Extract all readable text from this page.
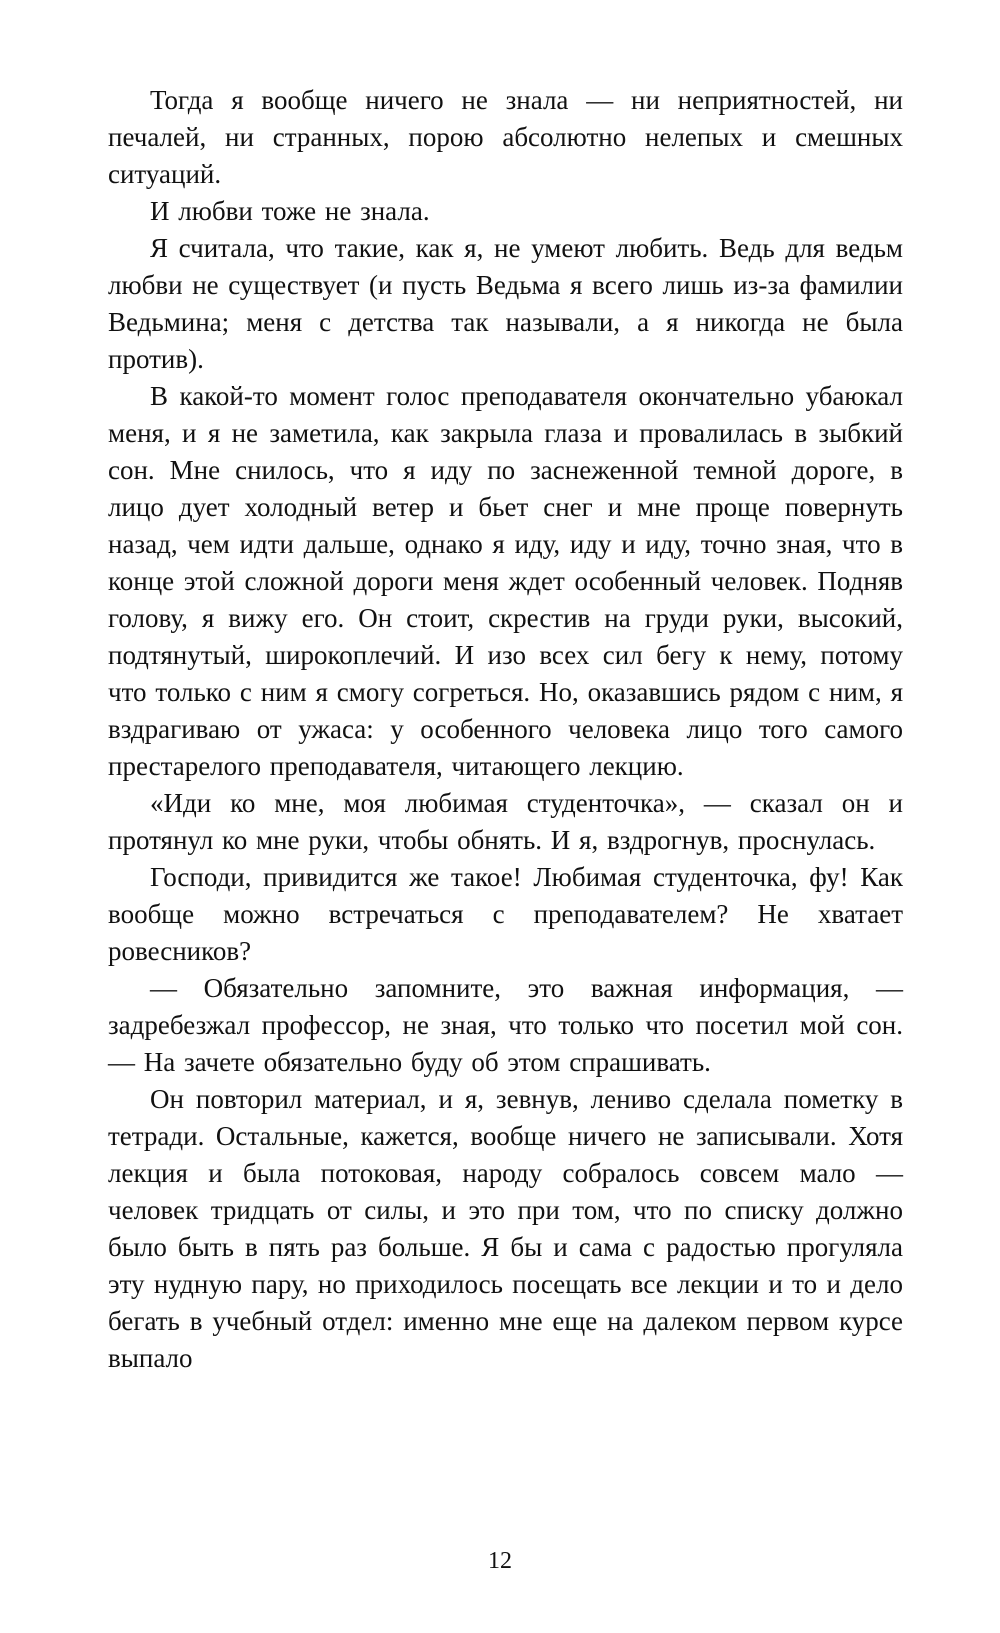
Тогда я вообще ничего не знала — ни неприятностей, ни печалей, ни странных, порою абсолютно нелепых и смешных ситуаций.

И любви тоже не знала.

Я считала, что такие, как я, не умеют любить. Ведь для ведьм любви не существует (и пусть Ведьма я всего лишь из-за фамилии Ведьмина; меня с детства так называли, а я никогда не была против).

В какой-то момент голос преподавателя окончательно убаюкал меня, и я не заметила, как закрыла глаза и провалилась в зыбкий сон. Мне снилось, что я иду по заснеженной темной дороге, в лицо дует холодный ветер и бьет снег и мне проще повернуть назад, чем идти дальше, однако я иду, иду и иду, точно зная, что в конце этой сложной дороги меня ждет особенный человек. Подняв голову, я вижу его. Он стоит, скрестив на груди руки, высокий, подтянутый, широкоплечий. И изо всех сил бегу к нему, потому что только с ним я смогу согреться. Но, оказавшись рядом с ним, я вздрагиваю от ужаса: у особенного человека лицо того самого престарелого преподавателя, читающего лекцию.

«Иди ко мне, моя любимая студенточка», — сказал он и протянул ко мне руки, чтобы обнять. И я, вздрогнув, проснулась.

Господи, привидится же такое! Любимая студенточка, фу! Как вообще можно встречаться с преподавателем? Не хватает ровесников?

— Обязательно запомните, это важная информация, — задребезжал профессор, не зная, что только что посетил мой сон. — На зачете обязательно буду об этом спрашивать.

Он повторил материал, и я, зевнув, лениво сделала пометку в тетради. Остальные, кажется, вообще ничего не записывали. Хотя лекция и была потоковая, народу собралось совсем мало — человек тридцать от силы, и это при том, что по списку должно было быть в пять раз больше. Я бы и сама с радостью прогуляла эту нудную пару, но приходилось посещать все лекции и то и дело бегать в учебный отдел: именно мне еще на далеком первом курсе выпало

12
